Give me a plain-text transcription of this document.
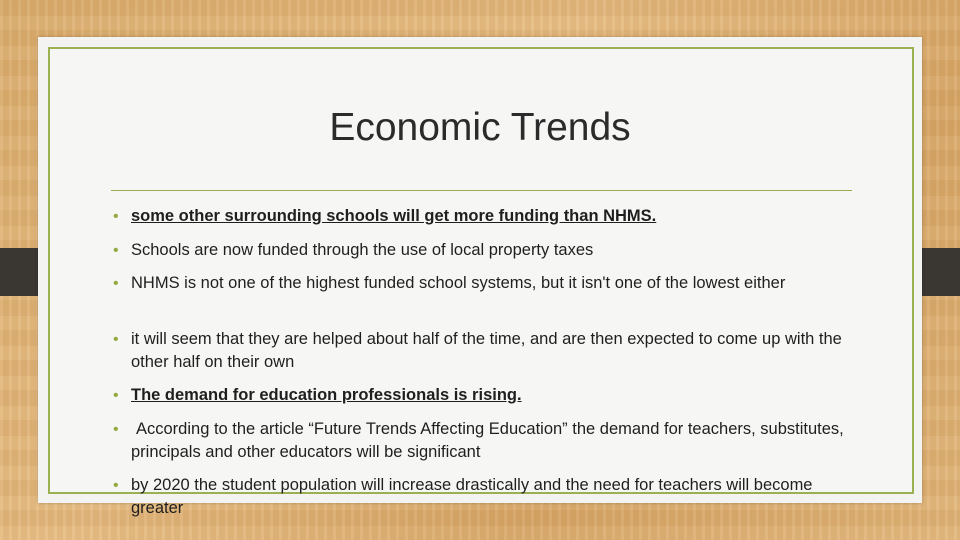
Economic Trends
• some other surrounding schools will get more funding than NHMS.
• Schools are now funded through the use of local property taxes
• NHMS is not one of the highest funded school systems, but it isn't one of the lowest either
• it will seem that they are helped about half of the time, and are then expected to come up with the other half on their own
• The demand for education professionals is rising.
•	According to the article “Future Trends Affecting Education” the demand for teachers, substitutes, principals and other educators will be significant
• by 2020 the student population will increase drastically and the need for teachers will become greater
